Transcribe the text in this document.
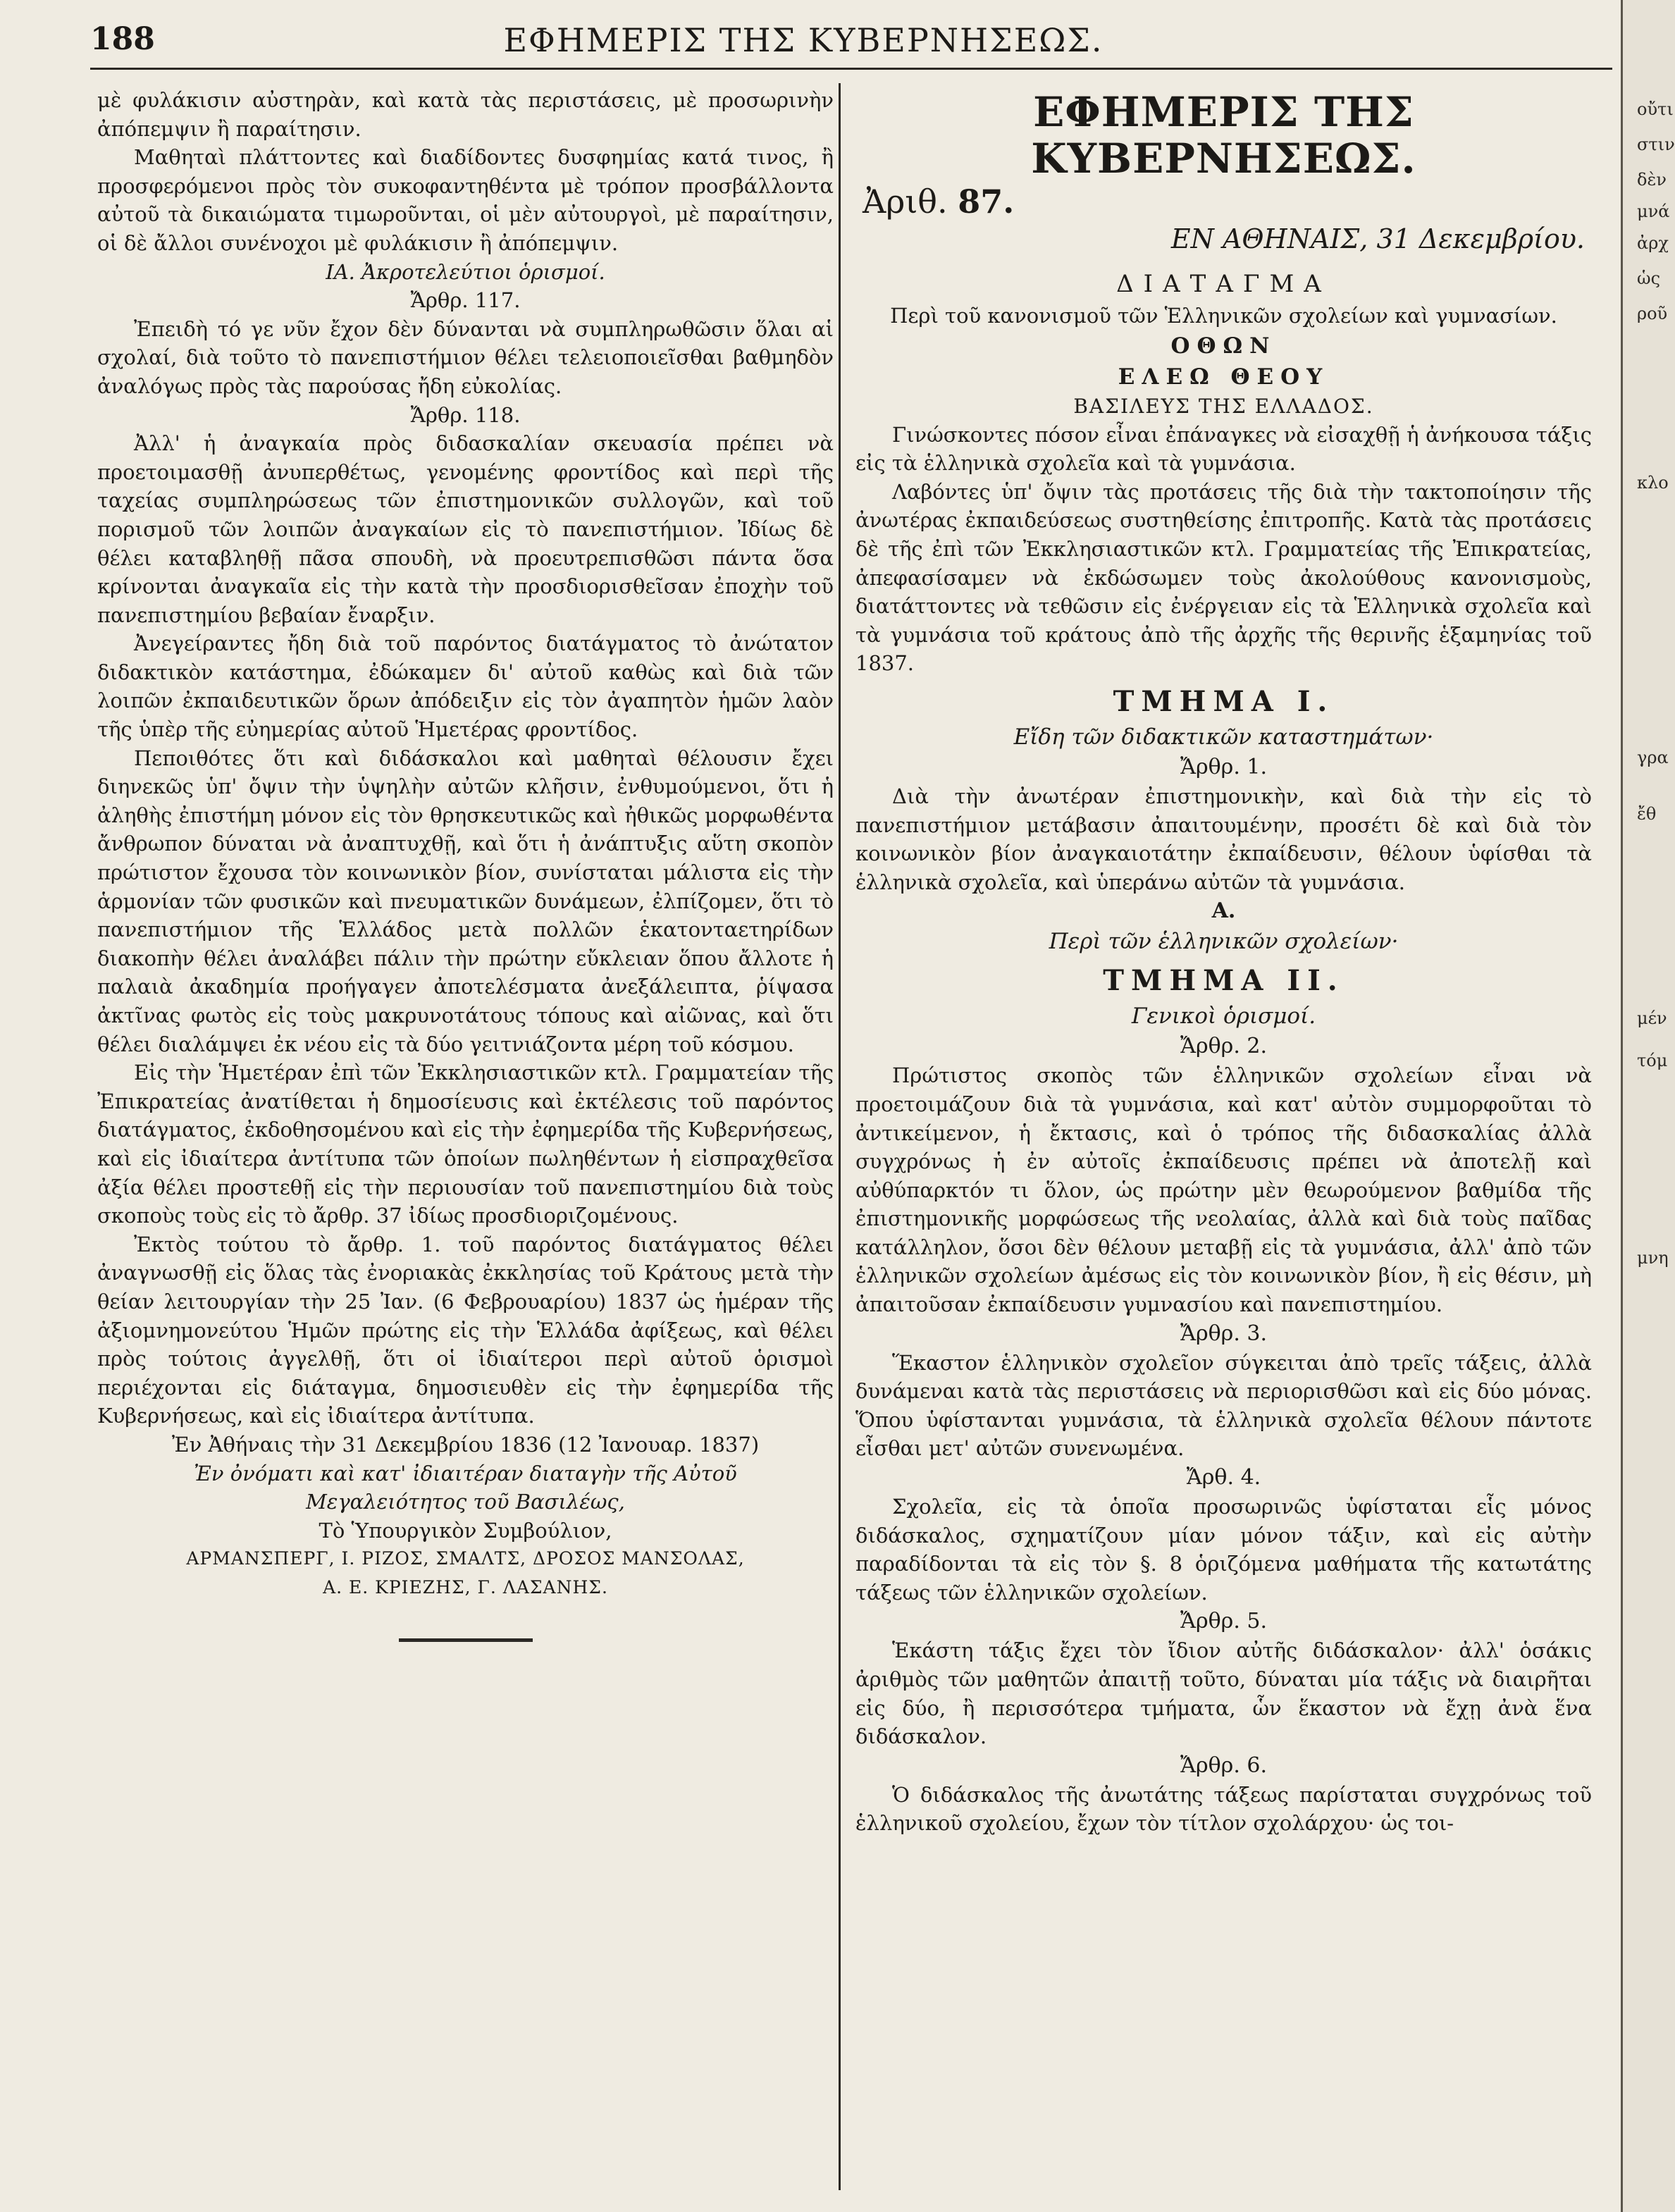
188	ΕΦΗΜΕΡΙΣ ΤΗΣ ΚΥΒΕΡΝΗΣΕΩΣ.

μὲ φυλάκισιν αὐστηρὰν, καὶ κατὰ τὰς περιστάσεις, μὲ προσωρινὴν ἀπόπεμψιν ἢ παραίτησιν.

Μαθηταὶ πλάττοντες καὶ διαδίδοντες δυσφημίας κατά τινος, ἢ προσφερόμενοι πρὸς τὸν συκοφαντηθέντα μὲ τρόπον προσβάλλοντα αὐτοῦ τὰ δικαιώματα τιμωροῦνται, οἱ μὲν αὐτουργοὶ, μὲ παραίτησιν, οἱ δὲ ἄλλοι συνένοχοι μὲ φυλάκισιν ἢ ἀπόπεμψιν.

ΙΑ. Ἀκροτελεύτιοι ὁρισμοί.

Ἄρθρ. 117.

Ἐπειδὴ τό γε νῦν ἔχον δὲν δύνανται νὰ συμπληρωθῶσιν ὅλαι αἱ σχολαί, διὰ τοῦτο τὸ πανεπιστήμιον θέλει τελειοποιεῖσθαι βαθμηδὸν ἀναλόγως πρὸς τὰς παρούσας ἤδη εὐκολίας.

Ἄρθρ. 118.

Ἀλλ' ἡ ἀναγκαία πρὸς διδασκαλίαν σκευασία πρέπει νὰ προετοιμασθῇ ἀνυπερθέτως, γενομένης φροντίδος καὶ περὶ τῆς ταχείας συμπληρώσεως τῶν ἐπιστημονικῶν συλλογῶν, καὶ τοῦ πορισμοῦ τῶν λοιπῶν ἀναγκαίων εἰς τὸ πανεπιστήμιον. Ἰδίως δὲ θέλει καταβληθῇ πᾶσα σπουδὴ, νὰ προευτρεπισθῶσι πάντα ὅσα κρίνονται ἀναγκαῖα εἰς τὴν κατὰ τὴν προσδιορισθεῖσαν ἐποχὴν τοῦ πανεπιστημίου βεβαίαν ἔναρξιν.

Ἀνεγείραντες ἤδη διὰ τοῦ παρόντος διατάγματος τὸ ἀνώτατον διδακτικὸν κατάστημα, ἐδώκαμεν δι' αὐτοῦ καθὼς καὶ διὰ τῶν λοιπῶν ἐκπαιδευτικῶν ὅρων ἀπόδειξιν εἰς τὸν ἀγαπητὸν ἡμῶν λαὸν τῆς ὑπὲρ τῆς εὐημερίας αὐτοῦ Ἡμετέρας φροντίδος.

Πεποιθότες ὅτι καὶ διδάσκαλοι καὶ μαθηταὶ θέλουσιν ἔχει διηνεκῶς ὑπ' ὄψιν τὴν ὑψηλὴν αὐτῶν κλῆσιν, ἐνθυμούμενοι, ὅτι ἡ ἀληθὴς ἐπιστήμη μόνον εἰς τὸν θρησκευτικῶς καὶ ἠθικῶς μορφωθέντα ἄνθρωπον δύναται νὰ ἀναπτυχθῇ, καὶ ὅτι ἡ ἀνάπτυξις αὕτη σκοπὸν πρώτιστον ἔχουσα τὸν κοινωνικὸν βίον, συνίσταται μάλιστα εἰς τὴν ἁρμονίαν τῶν φυσικῶν καὶ πνευματικῶν δυνάμεων, ἐλπίζομεν, ὅτι τὸ πανεπιστήμιον τῆς Ἑλλάδος μετὰ πολλῶν ἑκατονταετηρίδων διακοπὴν θέλει ἀναλάβει πάλιν τὴν πρώτην εὔκλειαν ὅπου ἄλλοτε ἡ παλαιὰ ἀκαδημία προήγαγεν ἀποτελέσματα ἀνεξάλειπτα, ῥίψασα ἀκτῖνας φωτὸς εἰς τοὺς μακρυνοτάτους τόπους καὶ αἰῶνας, καὶ ὅτι θέλει διαλάμψει ἐκ νέου εἰς τὰ δύο γειτνιάζοντα μέρη τοῦ κόσμου.

Εἰς τὴν Ἡμετέραν ἐπὶ τῶν Ἐκκλησιαστικῶν κτλ. Γραμματείαν τῆς Ἐπικρατείας ἀνατίθεται ἡ δημοσίευσις καὶ ἐκτέλεσις τοῦ παρόντος διατάγματος, ἐκδοθησομένου καὶ εἰς τὴν ἐφημερίδα τῆς Κυβερνήσεως, καὶ εἰς ἰδιαίτερα ἀντίτυπα τῶν ὁποίων πωληθέντων ἡ εἰσπραχθεῖσα ἀξία θέλει προστεθῇ εἰς τὴν περιουσίαν τοῦ πανεπιστημίου διὰ τοὺς σκοποὺς τοὺς εἰς τὸ ἄρθρ. 37 ἰδίως προσδιοριζομένους.

Ἐκτὸς τούτου τὸ ἄρθρ. 1. τοῦ παρόντος διατάγματος θέλει ἀναγνωσθῇ εἰς ὅλας τὰς ἐνοριακὰς ἐκκλησίας τοῦ Κράτους μετὰ τὴν θείαν λειτουργίαν τὴν 25 Ἰαν. (6 Φεβρουαρίου) 1837 ὡς ἡμέραν τῆς ἀξιομνημονεύτου Ἡμῶν πρώτης εἰς τὴν Ἑλλάδα ἀφίξεως, καὶ θέλει πρὸς τούτοις ἀγγελθῇ, ὅτι οἱ ἰδιαίτεροι περὶ αὐτοῦ ὁρισμοὶ περιέχονται εἰς διάταγμα, δημοσιευθὲν εἰς τὴν ἐφημερίδα τῆς Κυβερνήσεως, καὶ εἰς ἰδιαίτερα ἀντίτυπα.

Ἐν Ἀθήναις τὴν 31 Δεκεμβρίου 1836 (12 Ἰανουαρ. 1837)

Ἐν ὀνόματι καὶ κατ' ἰδιαιτέραν διαταγὴν τῆς Αὐτοῦ

Μεγαλειότητος τοῦ Βασιλέως,

Τὸ Ὑπουργικὸν Συμβούλιον,

ΑΡΜΑΝΣΠΕΡΓ, Ι. ΡΙΖΟΣ, ΣΜΑΛΤΣ, ΔΡΟΣΟΣ ΜΑΝΣΟΛΑΣ,

Α. Ε. ΚΡΙΕΖΗΣ, Γ. ΛΑΣΑΝΗΣ.

ΕΦΗΜΕΡΙΣ ΤΗΣ ΚΥΒΕΡΝΗΣΕΩΣ.
Ἀριθ. 87.
ΕΝ ΑΘΗΝΑΙΣ, 31 Δεκεμβρίου.
ΔΙΑΤΑΓΜΑ

Περὶ τοῦ κανονισμοῦ τῶν Ἑλληνικῶν σχολείων καὶ γυμνασίων.

ΟΘΩΝ
ΕΛΕΩ ΘΕΟΥ
ΒΑΣΙΛΕΥΣ ΤΗΣ ΕΛΛΑΔΟΣ.

Γινώσκοντες πόσον εἶναι ἐπάναγκες νὰ εἰσαχθῇ ἡ ἀνήκουσα τάξις εἰς τὰ ἑλληνικὰ σχολεῖα καὶ τὰ γυμνάσια.

Λαβόντες ὑπ' ὄψιν τὰς προτάσεις τῆς διὰ τὴν τακτοποίησιν τῆς ἀνωτέρας ἐκπαιδεύσεως συστηθείσης ἐπιτροπῆς. Κατὰ τὰς προτάσεις δὲ τῆς ἐπὶ τῶν Ἐκκλησιαστικῶν κτλ. Γραμματείας τῆς Ἐπικρατείας, ἀπεφασίσαμεν νὰ ἐκδώσωμεν τοὺς ἀκολούθους κανονισμοὺς, διατάττοντες νὰ τεθῶσιν εἰς ἐνέργειαν εἰς τὰ Ἑλληνικὰ σχολεῖα καὶ τὰ γυμνάσια τοῦ κράτους ἀπὸ τῆς ἀρχῆς τῆς θερινῆς ἑξαμηνίας τοῦ 1837.

ΤΜΗΜΑ Ι.

Εἴδη τῶν διδακτικῶν καταστημάτων·

Ἄρθρ. 1.

Διὰ τὴν ἀνωτέραν ἐπιστημονικὴν, καὶ διὰ τὴν εἰς τὸ πανεπιστήμιον μετάβασιν ἀπαιτουμένην, προσέτι δὲ καὶ διὰ τὸν κοινωνικὸν βίον ἀναγκαιοτάτην ἐκπαίδευσιν, θέλουν ὑφίσθαι τὰ ἑλληνικὰ σχολεῖα, καὶ ὑπεράνω αὐτῶν τὰ γυμνάσια.

Α.

Περὶ τῶν ἑλληνικῶν σχολείων·

ΤΜΗΜΑ ΙΙ.

Γενικοὶ ὁρισμοί.

Ἄρθρ. 2.

Πρώτιστος σκοπὸς τῶν ἑλληνικῶν σχολείων εἶναι νὰ προετοιμάζουν διὰ τὰ γυμνάσια, καὶ κατ' αὐτὸν συμμορφοῦται τὸ ἀντικείμενον, ἡ ἔκτασις, καὶ ὁ τρόπος τῆς διδασκαλίας ἀλλὰ συγχρόνως ἡ ἐν αὐτοῖς ἐκπαίδευσις πρέπει νὰ ἀποτελῇ καὶ αὐθύπαρκτόν τι ὅλον, ὡς πρώτην μὲν θεωρούμενον βαθμίδα τῆς ἐπιστημονικῆς μορφώσεως τῆς νεολαίας, ἀλλὰ καὶ διὰ τοὺς παῖδας κατάλληλον, ὅσοι δὲν θέλουν μεταβῇ εἰς τὰ γυμνάσια, ἀλλ' ἀπὸ τῶν ἑλληνικῶν σχολείων ἀμέσως εἰς τὸν κοινωνικὸν βίον, ἢ εἰς θέσιν, μὴ ἀπαιτοῦσαν ἐκπαίδευσιν γυμνασίου καὶ πανεπιστημίου.

Ἄρθρ. 3.

Ἕκαστον ἑλληνικὸν σχολεῖον σύγκειται ἀπὸ τρεῖς τάξεις, ἀλλὰ δυνάμεναι κατὰ τὰς περιστάσεις νὰ περιορισθῶσι καὶ εἰς δύο μόνας. Ὅπου ὑφίστανται γυμνάσια, τὰ ἑλληνικὰ σχολεῖα θέλουν πάντοτε εἶσθαι μετ' αὐτῶν συνενωμένα.

Ἄρθ. 4.

Σχολεῖα, εἰς τὰ ὁποῖα προσωρινῶς ὑφίσταται εἷς μόνος διδάσκαλος, σχηματίζουν μίαν μόνον τάξιν, καὶ εἰς αὐτὴν παραδίδονται τὰ εἰς τὸν §. 8 ὁριζόμενα μαθήματα τῆς κατωτάτης τάξεως τῶν ἑλληνικῶν σχολείων.

Ἄρθρ. 5.

Ἑκάστη τάξις ἔχει τὸν ἴδιον αὐτῆς διδάσκαλον· ἀλλ' ὁσάκις ἀριθμὸς τῶν μαθητῶν ἀπαιτῇ τοῦτο, δύναται μία τάξις νὰ διαιρῆται εἰς δύο, ἢ περισσότερα τμήματα, ὧν ἕκαστον νὰ ἔχῃ ἀνὰ ἕνα διδάσκαλον.

Ἄρθρ. 6.

Ὁ διδάσκαλος τῆς ἀνωτάτης τάξεως παρίσταται συγχρόνως τοῦ ἑλληνικοῦ σχολείου, ἔχων τὸν τίτλον σχολάρχου· ὡς τοι-

οὔτι
στιν
δὲν
μνά
ἀρχ
ὡς
ροῦ
κλο
γρα
ἔθ
μέν
τόμ
μνη
